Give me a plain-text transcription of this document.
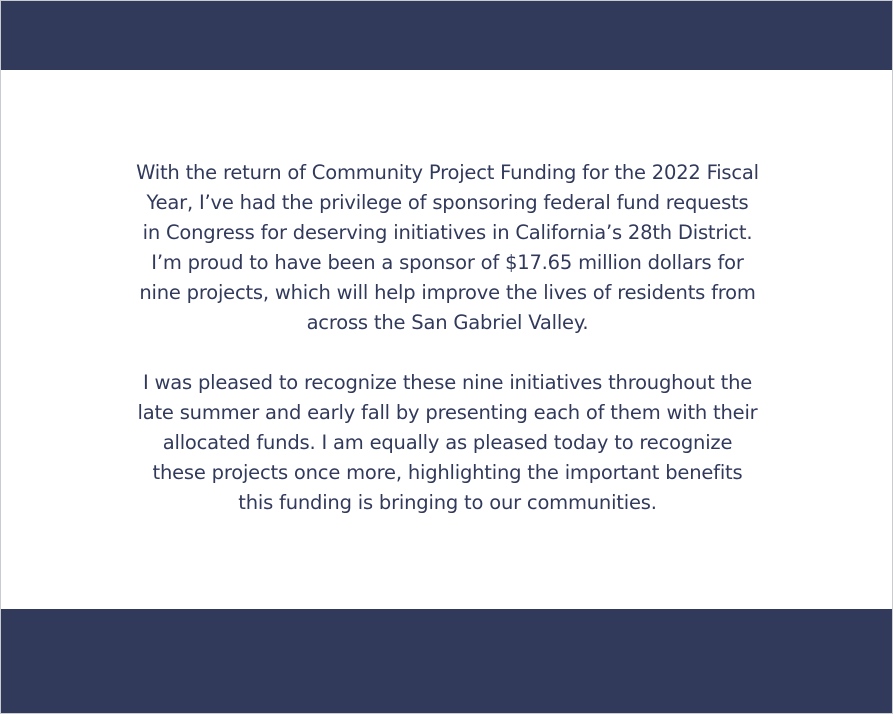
With the return of Community Project Funding for the 2022 Fiscal
Year, I’ve had the privilege of sponsoring federal fund requests
in Congress for deserving initiatives in California’s 28th District.
I’m proud to have been a sponsor of $17.65 million dollars for
nine projects, which will help improve the lives of residents from
across the San Gabriel Valley.

I was pleased to recognize these nine initiatives throughout the
late summer and early fall by presenting each of them with their
allocated funds. I am equally as pleased today to recognize
these projects once more, highlighting the important benefits
this funding is bringing to our communities.
